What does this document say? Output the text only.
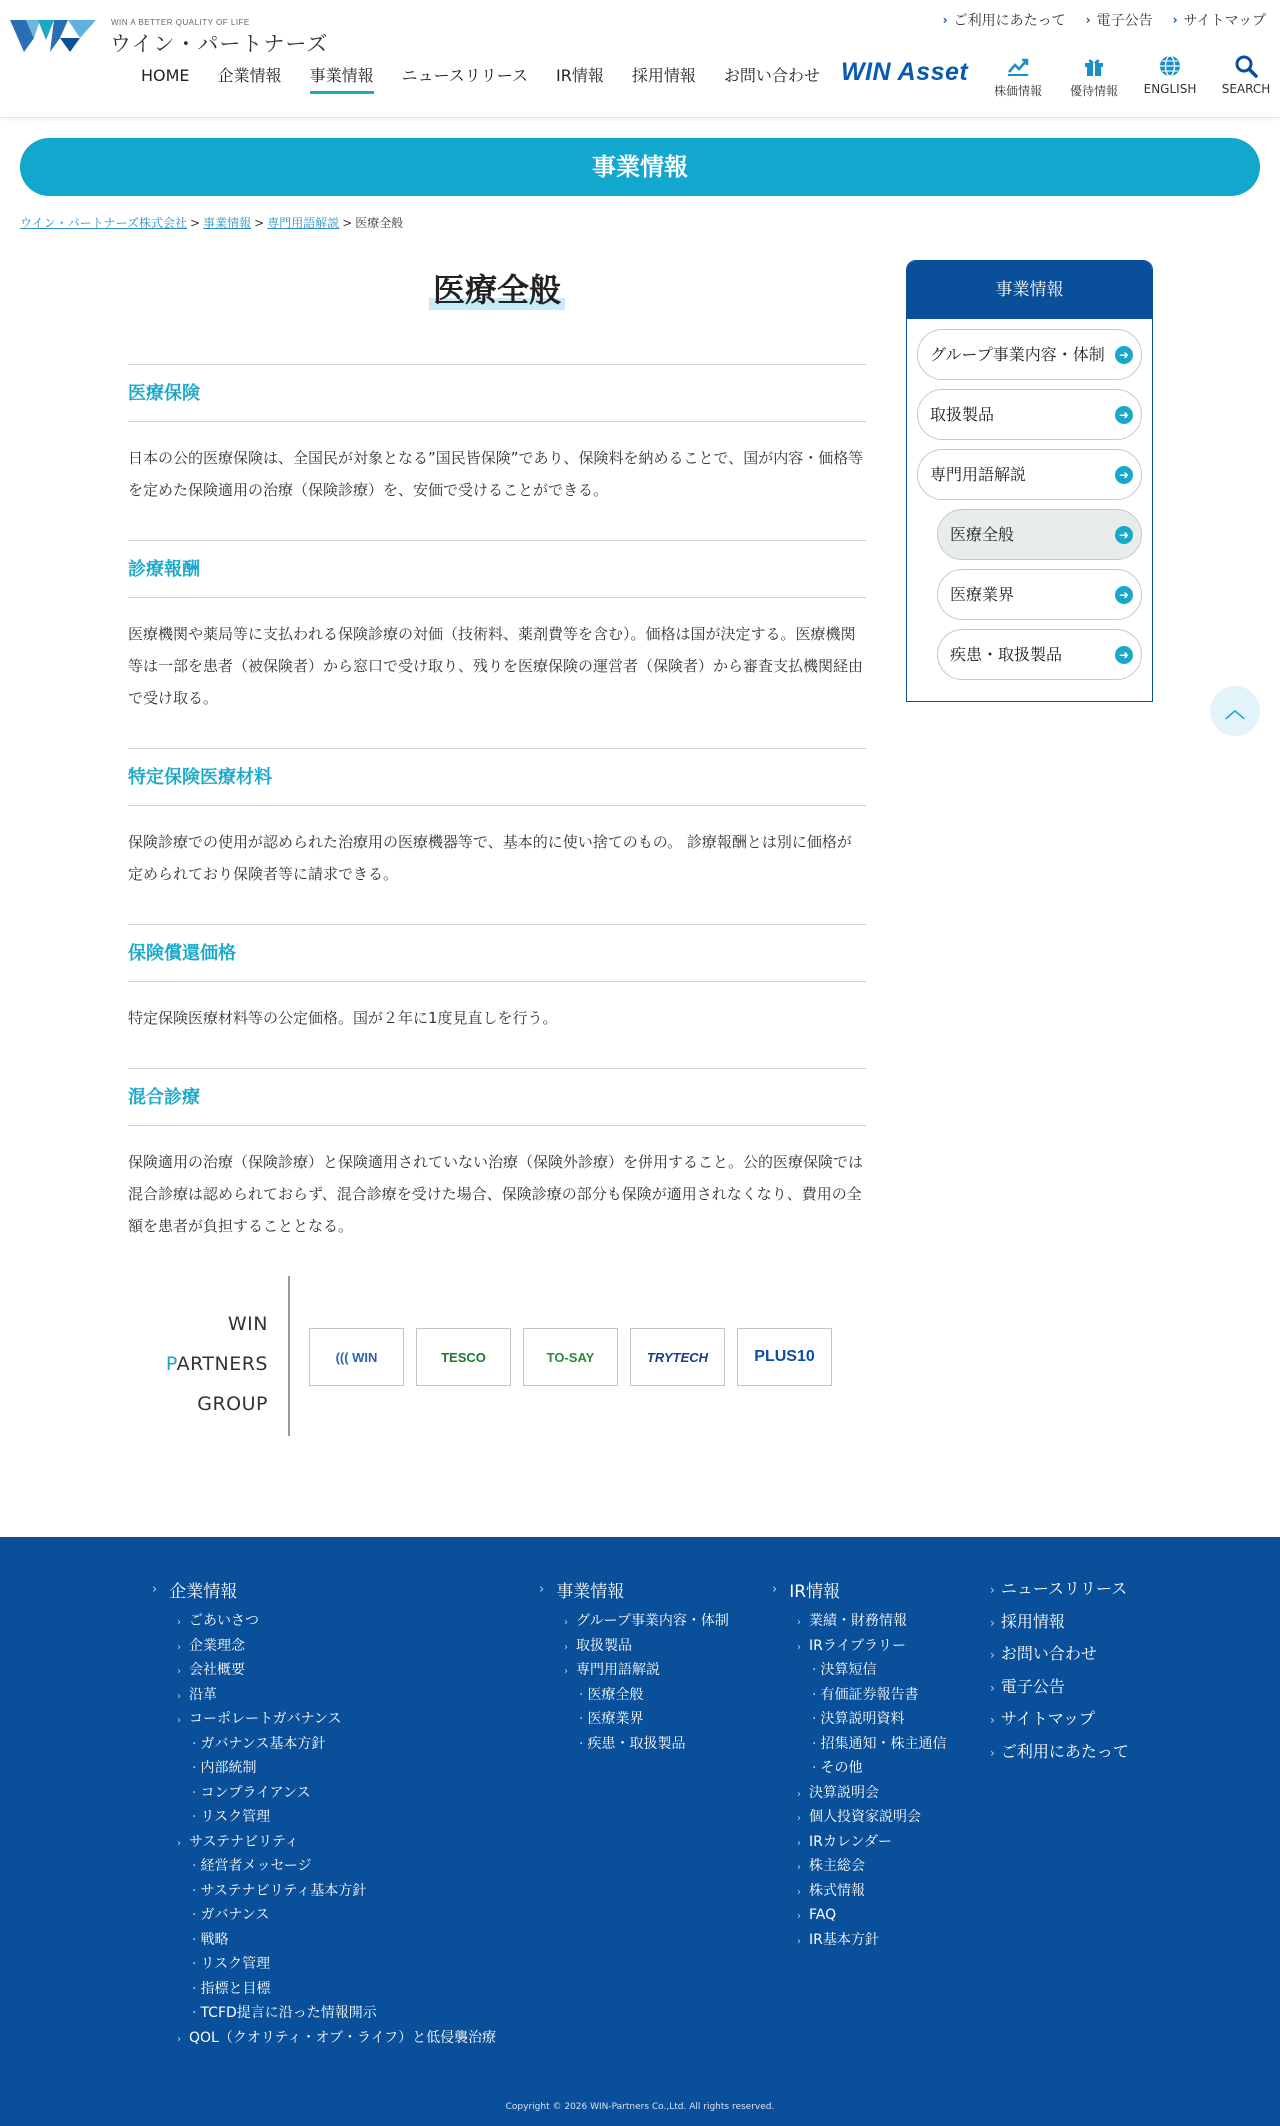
WIN A BETTER QUALITY OF LIFE
ウイン・パートナーズ
› ご利用にあたって › 電子公告 › サイトマップ
HOME	企業情報	事業情報	ニュースリリース	IR情報	採用情報	お問い合わせ WIN Asset
株価情報 優待情報 ENGLISH SEARCH
事業情報
ウイン・パートナーズ株式会社 > 事業情報 > 専門用語解説 > 医療全般
医療全般
医療保険

日本の公的医療保険は、全国民が対象となる”国民皆保険”であり、保険料を納めることで、国が内容・価格等を定めた保険適用の治療（保険診療）を、安価で受けることができる。

診療報酬

医療機関や薬局等に支払われる保険診療の対価（技術料、薬剤費等を含む）。価格は国が決定する。医療機関等は一部を患者（被保険者）から窓口で受け取り、残りを医療保険の運営者（保険者）から審査支払機関経由で受け取る。

特定保険医療材料

保険診療での使用が認められた治療用の医療機器等で、基本的に使い捨てのもの。 診療報酬とは別に価格が定められており保険者等に請求できる。

保険償還価格

特定保険医療材料等の公定価格。国が２年に1度見直しを行う。

混合診療

保険適用の治療（保険診療）と保険適用されていない治療（保険外診療）を併用すること。公的医療保険では混合診療は認められておらず、混合診療を受けた場合、保険診療の部分も保険が適用されなくなり、費用の全額を患者が負担することとなる。

事業情報
グループ事業内容・体制	➜
取扱製品	➜
専門用語解説	➜
医療全般	➜
医療業界	➜
疾患・取扱製品	➜
︿
WIN
PARTNERS
GROUP
((( WIN	TESCO	TO-SAY	TRYTECH	PLUS10
› 企業情報
› ごあいさつ
› 企業理念
› 会社概要
› 沿革
› コーポレートガバナンス
· ガバナンス基本方針
· 内部統制
· コンプライアンス
· リスク管理
› サステナビリティ
· 経営者メッセージ
· サステナビリティ基本方針
· ガバナンス
· 戦略
· リスク管理
· 指標と目標
· TCFD提言に沿った情報開示
› QOL（クオリティ・オブ・ライフ）と低侵襲治療
› 事業情報
› グループ事業内容・体制
› 取扱製品
› 専門用語解説
· 医療全般
· 医療業界
· 疾患・取扱製品
› IR情報
› 業績・財務情報
› IRライブラリー
· 決算短信
· 有価証券報告書
· 決算説明資料
· 招集通知・株主通信
· その他
› 決算説明会
› 個人投資家説明会
› IRカレンダー
› 株主総会
› 株式情報
› FAQ
› IR基本方針
› ニュースリリース
› 採用情報
› お問い合わせ
› 電子公告
› サイトマップ
› ご利用にあたって
Copyright © 2026 WIN-Partners Co.,Ltd. All rights reserved.
